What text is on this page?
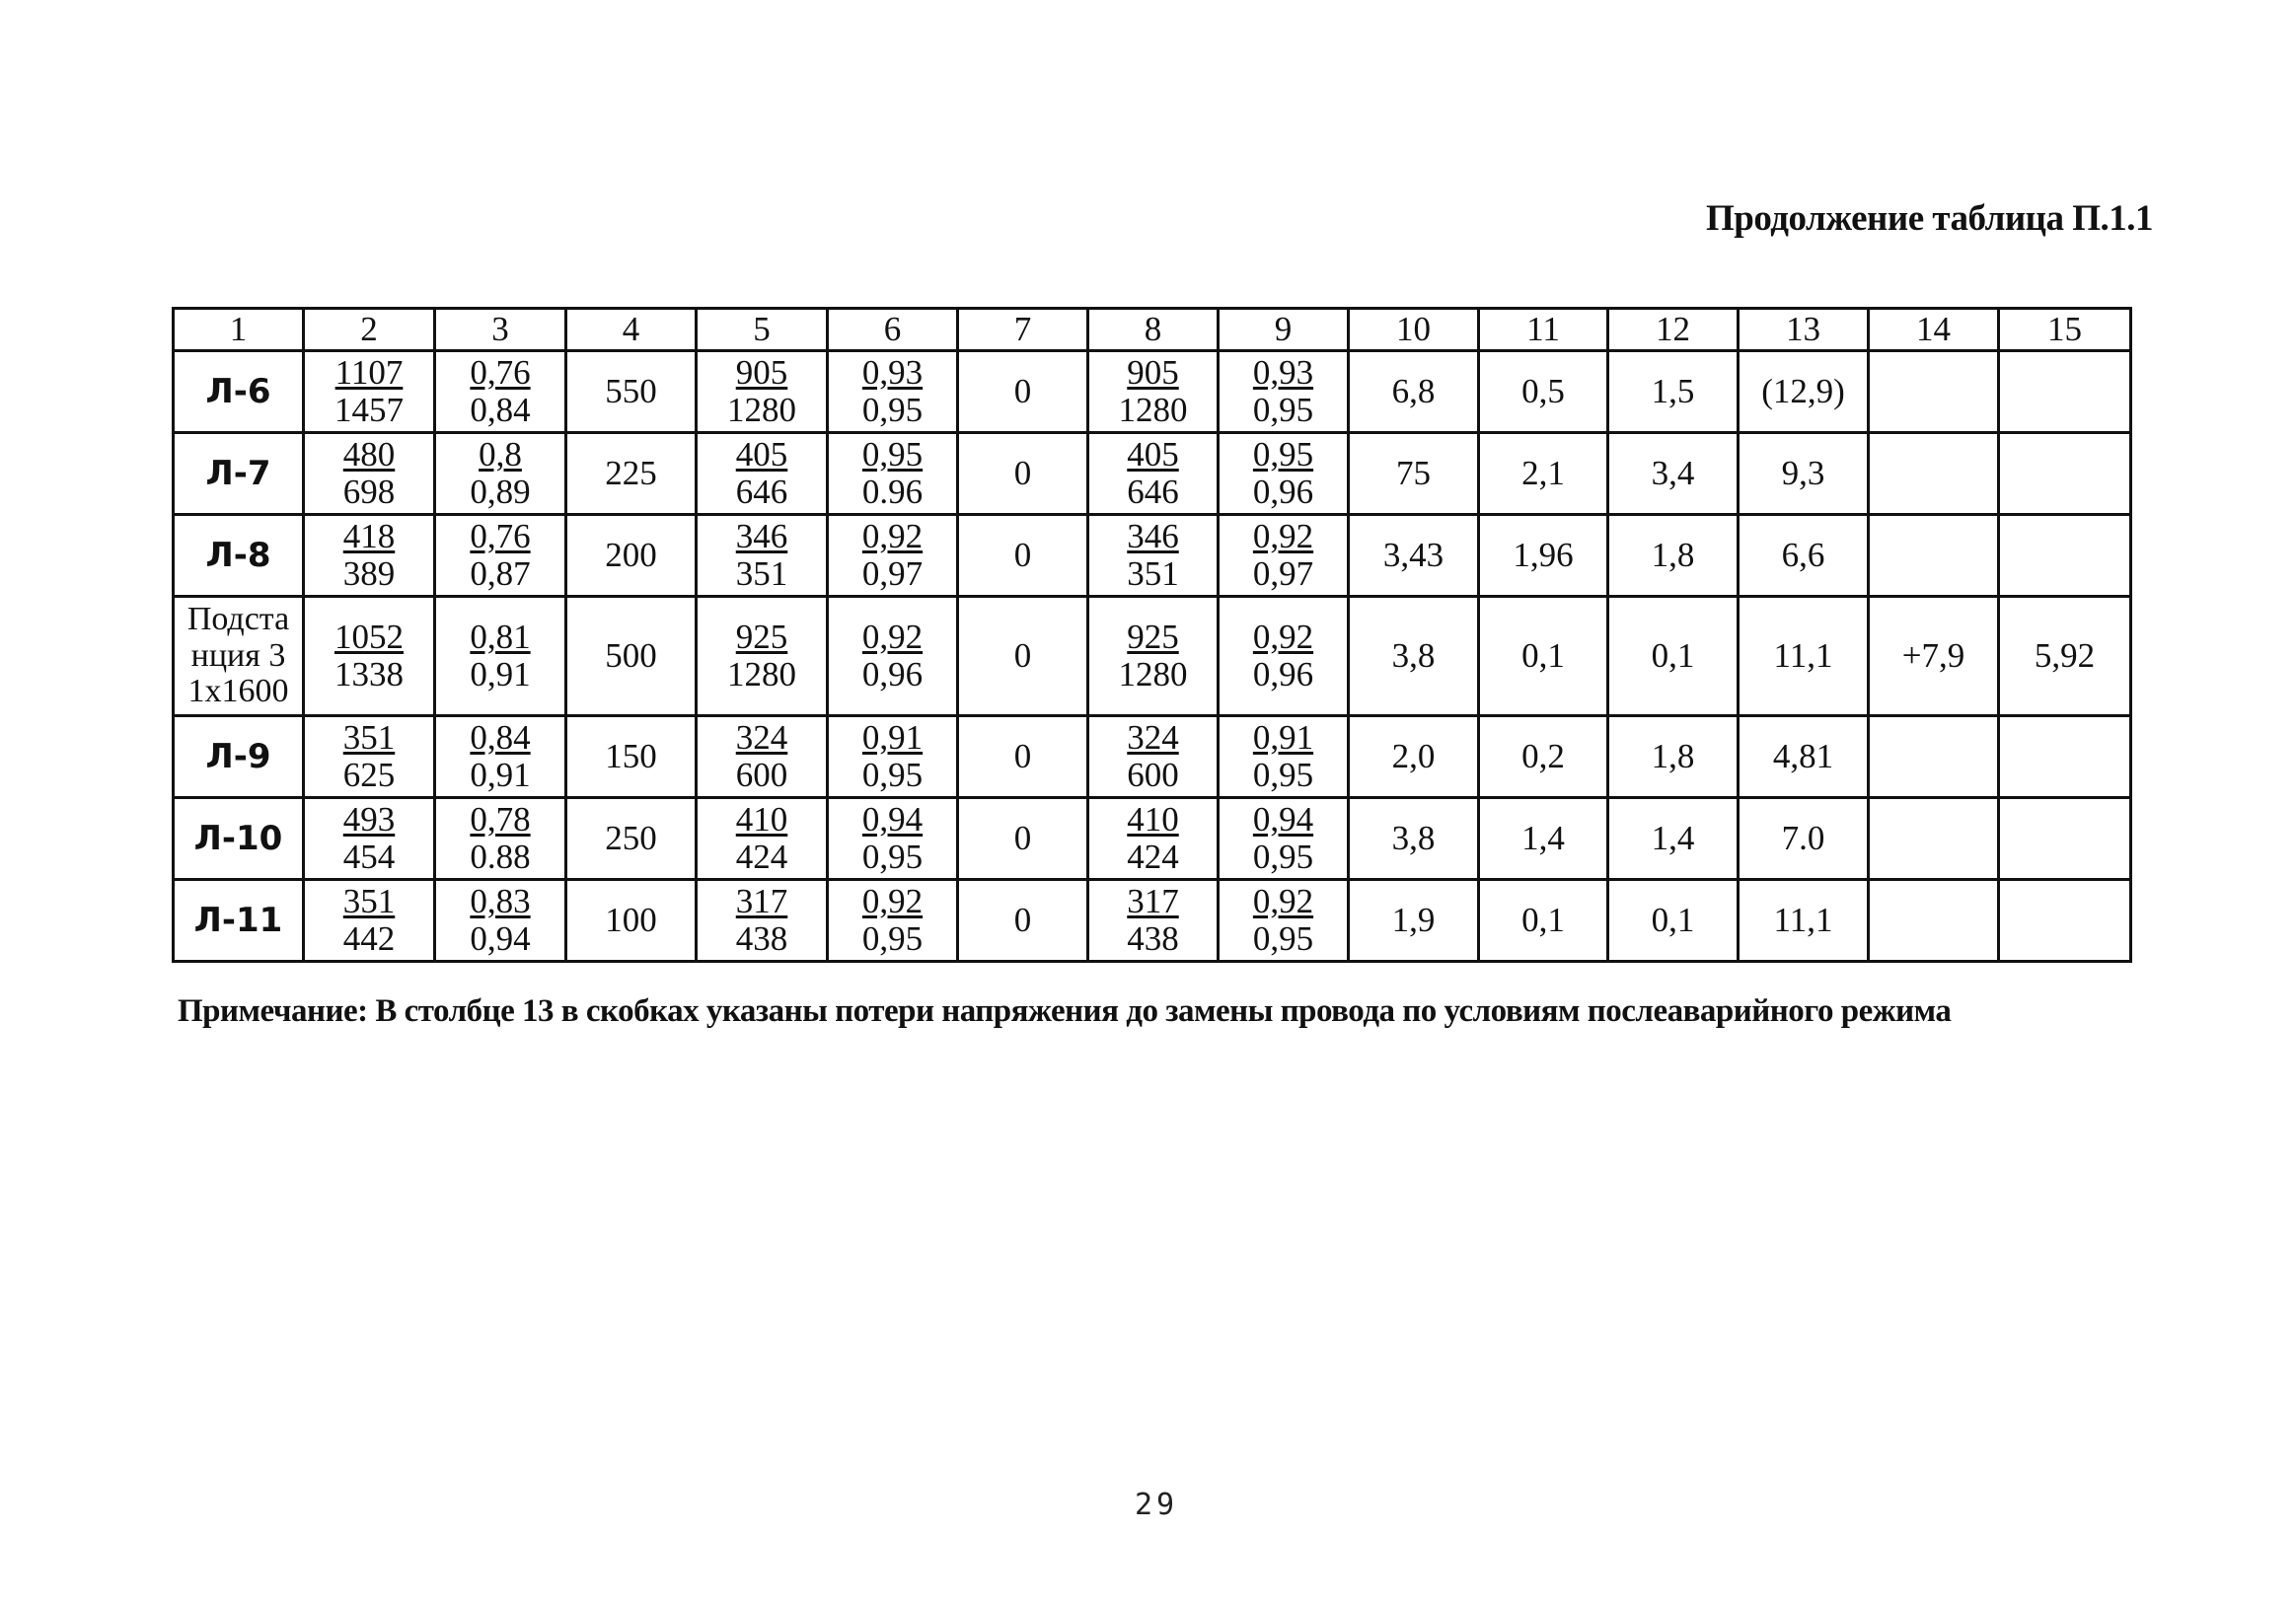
Продолжение таблица П.1.1
1	2	3	4	5	6	7	8	9	10	11	12	13	14	15
Л-6	$\frac{1107}{1457}$	$\frac{0,76}{0,84}$	550	$\frac{905}{1280}$	$\frac{0,93}{0,95}$	0	$\frac{905}{1280}$	$\frac{0,93}{0,95}$	6,8	0,5	1,5	(12,9)		
Л-7	$\frac{480}{698}$	$\frac{0,8}{0,89}$	225	$\frac{405}{646}$	$\frac{0,95}{0.96}$	0	$\frac{405}{646}$	$\frac{0,95}{0,96}$	75	2,1	3,4	9,3		
Л-8	$\frac{418}{389}$	$\frac{0,76}{0,87}$	200	$\frac{346}{351}$	$\frac{0,92}{0,97}$	0	$\frac{346}{351}$	$\frac{0,92}{0,97}$	3,43	1,96	1,8	6,6		
Подста нция 3 1х1600	$\frac{1052}{1338}$	$\frac{0,81}{0,91}$	500	$\frac{925}{1280}$	$\frac{0,92}{0,96}$	0	$\frac{925}{1280}$	$\frac{0,92}{0,96}$	3,8	0,1	0,1	11,1	+7,9	5,92
Л-9	$\frac{351}{625}$	$\frac{0,84}{0,91}$	150	$\frac{324}{600}$	$\frac{0,91}{0,95}$	0	$\frac{324}{600}$	$\frac{0,91}{0,95}$	2,0	0,2	1,8	4,81		
Л-10	$\frac{493}{454}$	$\frac{0,78}{0.88}$	250	$\frac{410}{424}$	$\frac{0,94}{0,95}$	0	$\frac{410}{424}$	$\frac{0,94}{0,95}$	3,8	1,4	1,4	7.0		
Л-11	$\frac{351}{442}$	$\frac{0,83}{0,94}$	100	$\frac{317}{438}$	$\frac{0,92}{0,95}$	0	$\frac{317}{438}$	$\frac{0,92}{0,95}$	1,9	0,1	0,1	11,1		
Примечание: В столбце 13 в скобках указаны потери напряжения до замены провода по условиям послеаварийного режима
29
